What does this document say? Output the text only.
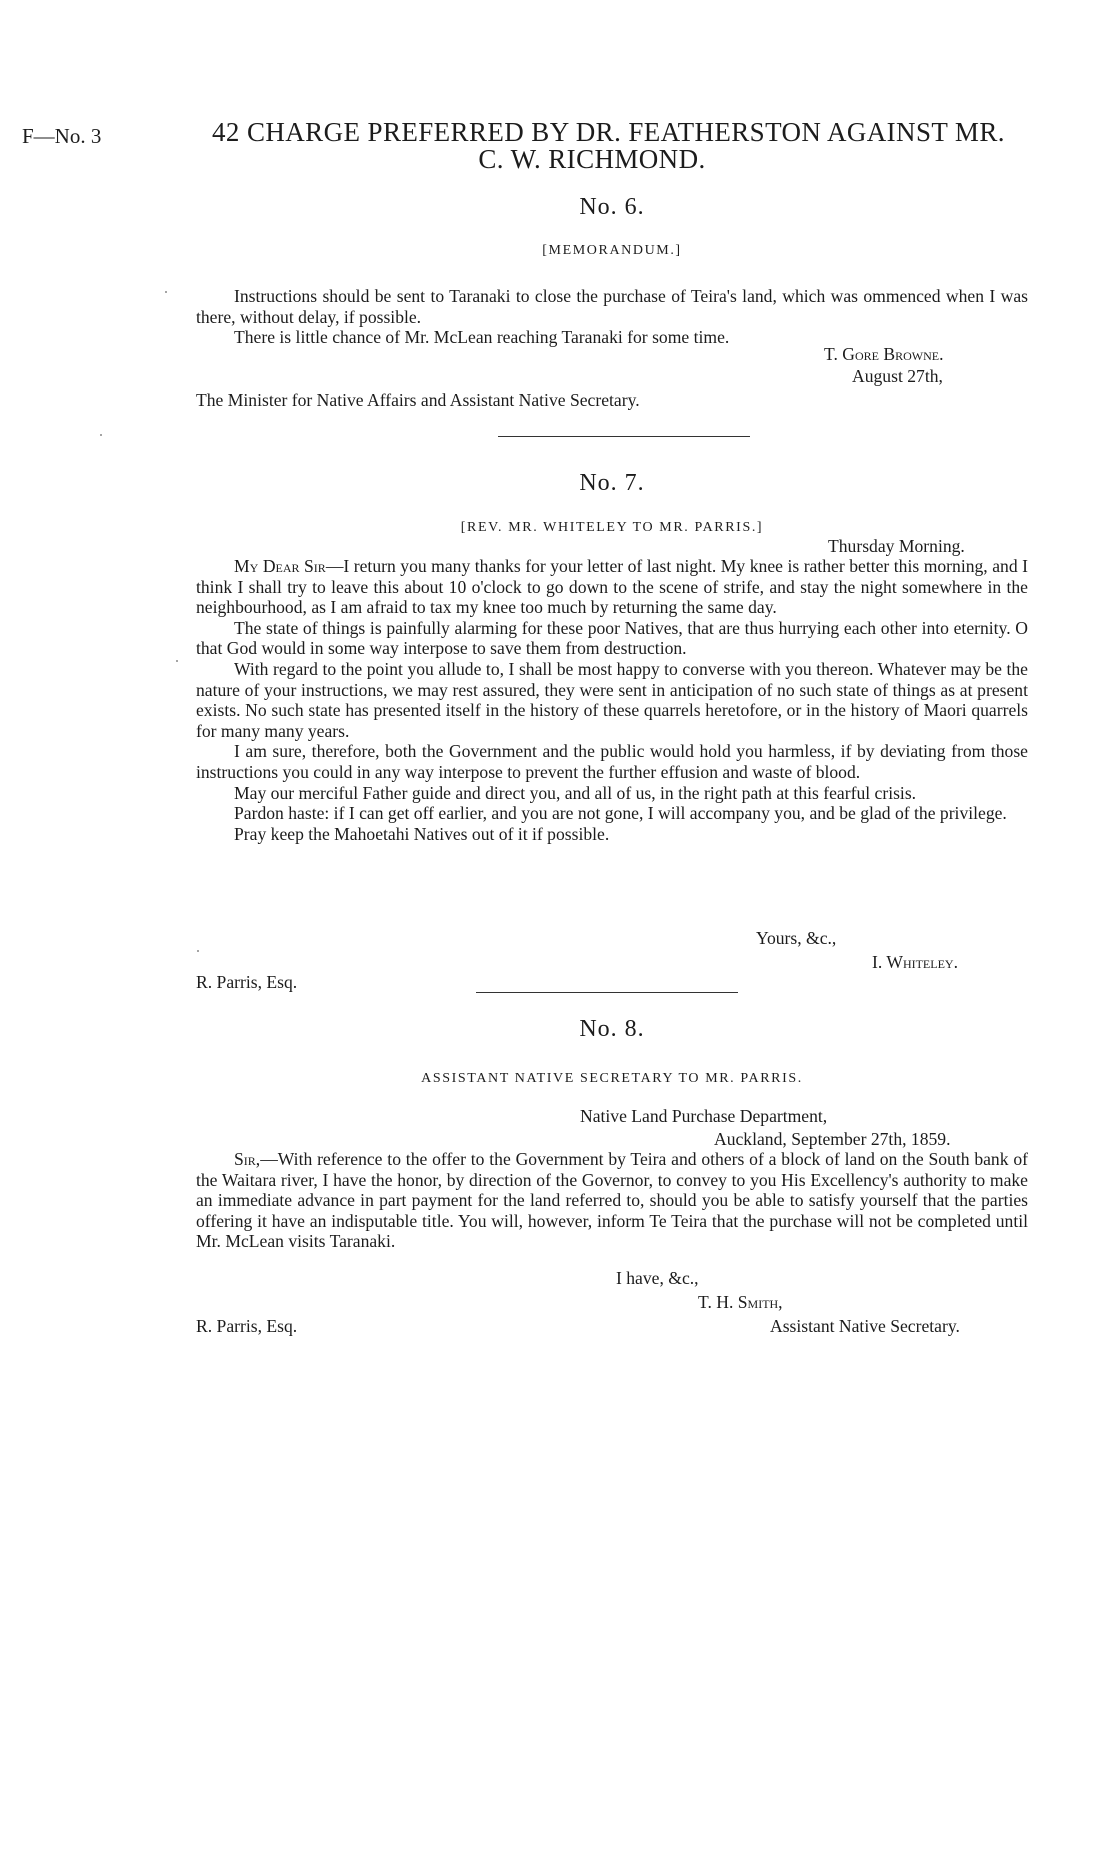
F—No. 3	42 CHARGE PREFERRED BY DR. FEATHERSTON AGAINST MR.
C. W. RICHMOND.
No. 6.
[MEMORANDUM.]

Instructions should be sent to Taranaki to close the purchase of Teira's land, which was ommenced when I was there, without delay, if possible.

There is little chance of Mr. McLean reaching Taranaki for some time.

T. Gore Browne.
August 27th,
The Minister for Native Affairs and Assistant Native Secretary.
No. 7.
[REV. MR. WHITELEY TO MR. PARRIS.]
Thursday Morning.

My Dear Sir—I return you many thanks for your letter of last night. My knee is rather better this morning, and I think I shall try to leave this about 10 o'clock to go down to the scene of strife, and stay the night somewhere in the neighbourhood, as I am afraid to tax my knee too much by returning the same day.

The state of things is painfully alarming for these poor Natives, that are thus hurrying each other into eternity. O that God would in some way interpose to save them from destruction.

With regard to the point you allude to, I shall be most happy to converse with you thereon. Whatever may be the nature of your instructions, we may rest assured, they were sent in anticipation of no such state of things as at present exists. No such state has presented itself in the history of these quarrels heretofore, or in the history of Maori quarrels for many many years.

I am sure, therefore, both the Government and the public would hold you harmless, if by deviating from those instructions you could in any way interpose to prevent the further effusion and waste of blood.

May our merciful Father guide and direct you, and all of us, in the right path at this fearful crisis.

Pardon haste: if I can get off earlier, and you are not gone, I will accompany you, and be glad of the privilege.

Pray keep the Mahoetahi Natives out of it if possible.

Yours, &c.,
I. Whiteley.
R. Parris, Esq.
No. 8.
ASSISTANT NATIVE SECRETARY TO MR. PARRIS.
Native Land Purchase Department,
Auckland, September 27th, 1859.

Sir,—With reference to the offer to the Government by Teira and others of a block of land on the South bank of the Waitara river, I have the honor, by direction of the Governor, to convey to you His Excellency's authority to make an immediate advance in part payment for the land referred to, should you be able to satisfy yourself that the parties offering it have an indisputable title. You will, however, inform Te Teira that the purchase will not be completed until Mr. McLean visits Taranaki.

I have, &c.,
T. H. Smith,
R. Parris, Esq.	Assistant Native Secretary.
